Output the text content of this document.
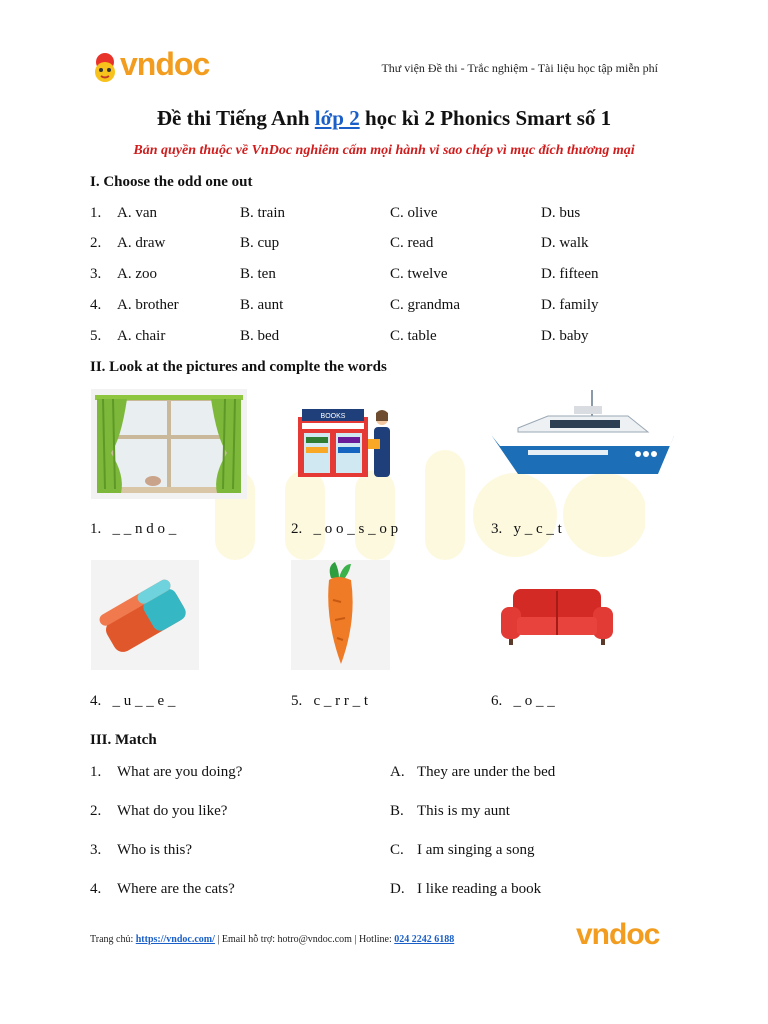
vndoc	Thư viện Đề thi - Trắc nghiệm - Tài liệu học tập miễn phí
Đề thi Tiếng Anh lớp 2 học kì 2 Phonics Smart số 1
Bản quyền thuộc về VnDoc nghiêm cấm mọi hành vi sao chép vì mục đích thương mại
I. Choose the odd one out
1. A. van	B. train	C. olive	D. bus
2. A. draw	B. cup	C. read	D. walk
3. A. zoo	B. ten	C. twelve	D. fifteen
4. A. brother	B. aunt	C. grandma	D. family
5. A. chair	B. bed	C. table	D. baby
II. Look at the pictures and complte the words
BOOKS
1. _ _ n d o _	2. _ o o _ s _ o p	3. y _ c _ t
4. _ u _ _ e _	5. c _ r r _ t	6. _ o _ _
III. Match
1. What are you doing?	A. They are under the bed
2. What do you like?	B. This is my aunt
3. Who is this?	C. I am singing a song
4. Where are the cats?	D. I like reading a book
Trang chủ: https://vndoc.com/ | Email hỗ trợ: hotro@vndoc.com | Hotline: 024 2242 6188	vndoc
